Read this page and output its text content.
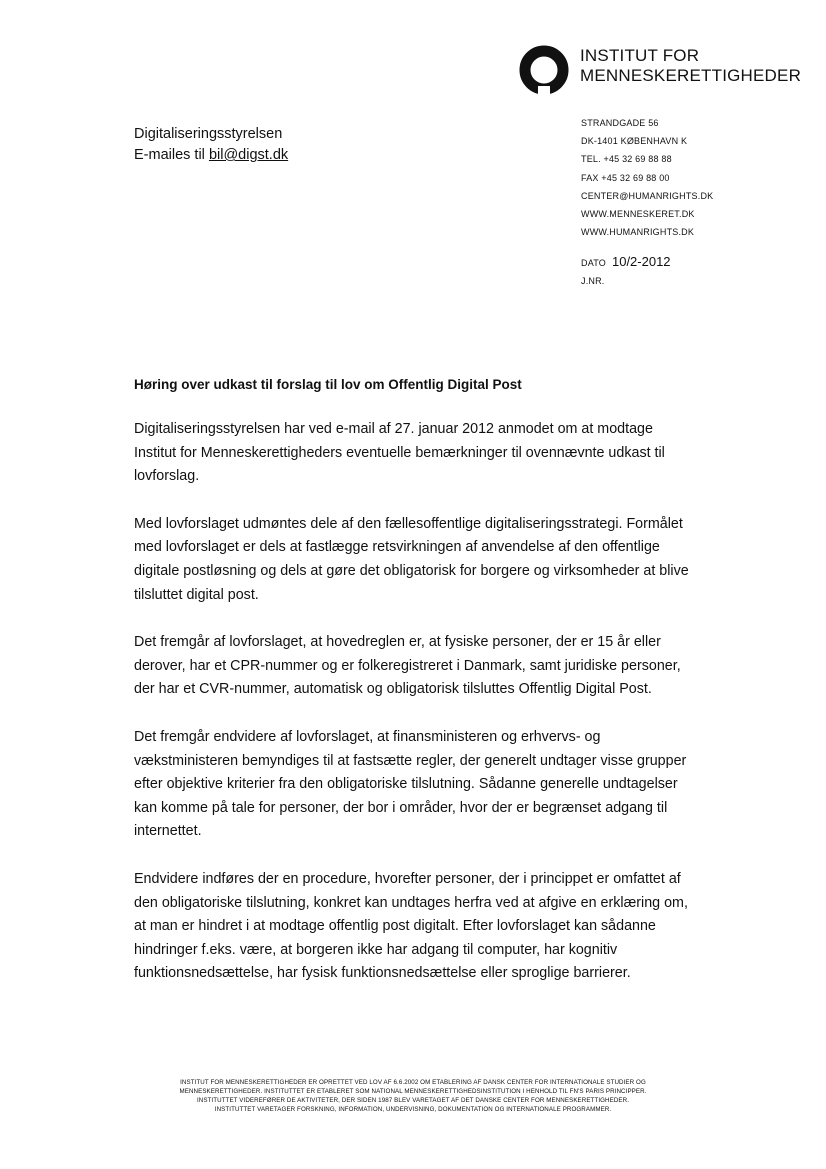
INSTITUT FOR
MENNESKERETTIGHEDER
Digitaliseringsstyrelsen
E-mailes til bil@digst.dk
STRANDGADE 56
DK-1401 KØBENHAVN K
TEL. +45 32 69 88 88
FAX +45 32 69 88 00
CENTER@HUMANRIGHTS.DK
WWW.MENNESKERET.DK
WWW.HUMANRIGHTS.DK
DATO 10/2-2012
J.NR.
Høring over udkast til forslag til lov om Offentlig Digital Post

Digitaliseringsstyrelsen har ved e-mail af 27. januar 2012 anmodet om at modtage Institut for Menneskerettigheders eventuelle bemærkninger til ovennævnte udkast til lovforslag.

Med lovforslaget udmøntes dele af den fællesoffentlige digitaliseringsstrategi. Formålet med lovforslaget er dels at fastlægge retsvirkningen af anvendelse af den offentlige digitale postløsning og dels at gøre det obligatorisk for borgere og virksomheder at blive tilsluttet digital post.

Det fremgår af lovforslaget, at hovedreglen er, at fysiske personer, der er 15 år eller derover, har et CPR-nummer og er folkeregistreret i Danmark, samt juridiske personer, der har et CVR-nummer, automatisk og obligatorisk tilsluttes Offentlig Digital Post.

Det fremgår endvidere af lovforslaget, at finansministeren og erhvervs- og vækstministeren bemyndiges til at fastsætte regler, der generelt undtager visse grupper efter objektive kriterier fra den obligatoriske tilslutning. Sådanne generelle undtagelser kan komme på tale for personer, der bor i områder, hvor der er begrænset adgang til internettet.

Endvidere indføres der en procedure, hvorefter personer, der i princippet er omfattet af den obligatoriske tilslutning, konkret kan undtages herfra ved at afgive en erklæring om, at man er hindret i at modtage offentlig post digitalt. Efter lovforslaget kan sådanne hindringer f.eks. være, at borgeren ikke har adgang til computer, har kognitiv funktionsnedsættelse, har fysisk funktionsnedsættelse eller sproglige barrierer.

INSTITUT FOR MENNESKERETTIGHEDER ER OPRETTET VED LOV AF 6.6.2002 OM ETABLERING AF DANSK CENTER FOR INTERNATIONALE STUDIER OG
MENNESKERETTIGHEDER. INSTITUTTET ER ETABLERET SOM NATIONAL MENNESKERETTIGHEDSINSTITUTION I HENHOLD TIL FN'S PARIS PRINCIPPER.
INSTITUTTET VIDEREFØRER DE AKTIVITETER, DER SIDEN 1987 BLEV VARETAGET AF DET DANSKE CENTER FOR MENNESKERETTIGHEDER.
INSTITUTTET VARETAGER FORSKNING, INFORMATION, UNDERVISNING, DOKUMENTATION OG INTERNATIONALE PROGRAMMER.
